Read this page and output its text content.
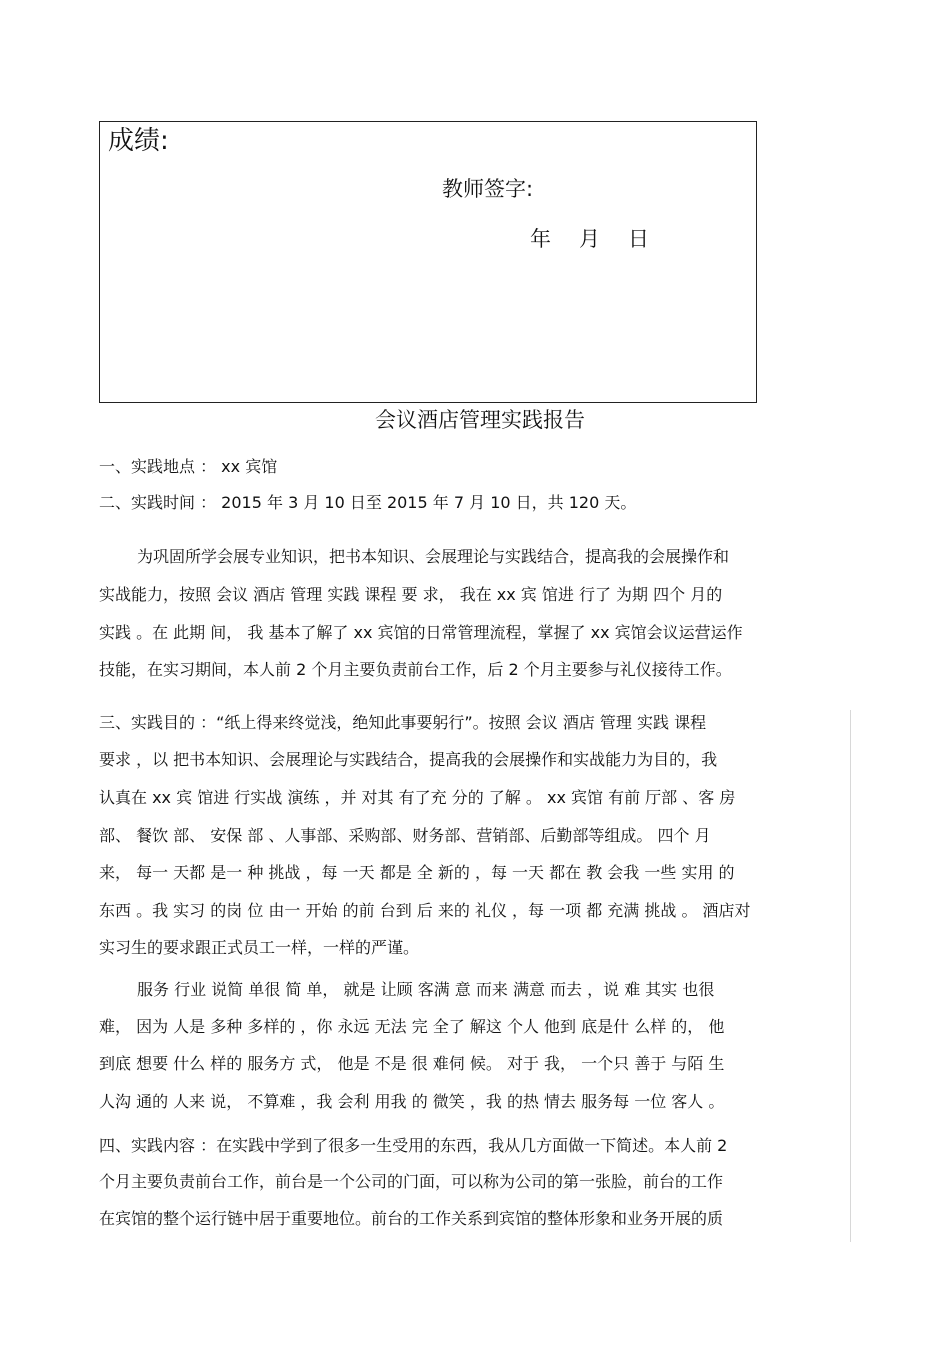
成绩:
教师签字:
年 月 日
会议酒店管理实践报告
一、实践地点 ： xx 宾馆
二、实践时间 ： 2015 年 3 月 10 日至 2015 年 7 月 10 日，共 120 天。
为巩固所学会展专业知识，把书本知识、会展理论与实践结合，提高我的会展操作和
实战能力，按照 会议 酒店 管理 实践 课程 要 求， 我在 xx 宾 馆进 行了 为期 四个 月的
实践 。在 此期 间， 我 基本了解了 xx 宾馆的日常管理流程，掌握了 xx 宾馆会议运营运作
技能，在实习期间，本人前 2 个月主要负责前台工作，后 2 个月主要参与礼仪接待工作。
三、实践目的 ：“纸上得来终觉浅，绝知此事要躬行”。按照 会议 酒店 管理 实践 课程
要求 ，以 把书本知识、会展理论与实践结合，提高我的会展操作和实战能力为目的，我
认真在 xx 宾 馆进 行实战 演练 ，并 对其 有了充 分的 了解 。 xx 宾馆 有前 厅部 、客 房
部、 餐饮 部、 安保 部 、人事部、采购部、财务部、营销部、后勤部等组成。 四个 月
来， 每一 天都 是一 种 挑战 ，每 一天 都是 全 新的 ，每 一天 都在 教 会我 一些 实用 的
东西 。我 实习 的岗 位 由一 开始 的前 台到 后 来的 礼仪 ，每 一项 都 充满 挑战 。 酒店对
实习生的要求跟正式员工一样，一样的严谨。
服务 行业 说简 单很 简 单， 就是 让顾 客满 意 而来 满意 而去 ，说 难 其实 也很
难， 因为 人是 多种 多样的 ，你 永远 无法 完 全了 解这 个人 他到 底是什 么样 的， 他
到底 想要 什么 样的 服务方 式， 他是 不是 很 难伺 候。 对于 我， 一个只 善于 与陌 生
人沟 通的 人来 说， 不算难 ，我 会利 用我 的 微笑 ，我 的热 情去 服务每 一位 客人 。
四、实践内容 ：在实践中学到了很多一生受用的东西，我从几方面做一下简述。本人前 2
个月主要负责前台工作，前台是一个公司的门面，可以称为公司的第一张脸，前台的工作
在宾馆的整个运行链中居于重要地位。前台的工作关系到宾馆的整体形象和业务开展的质
